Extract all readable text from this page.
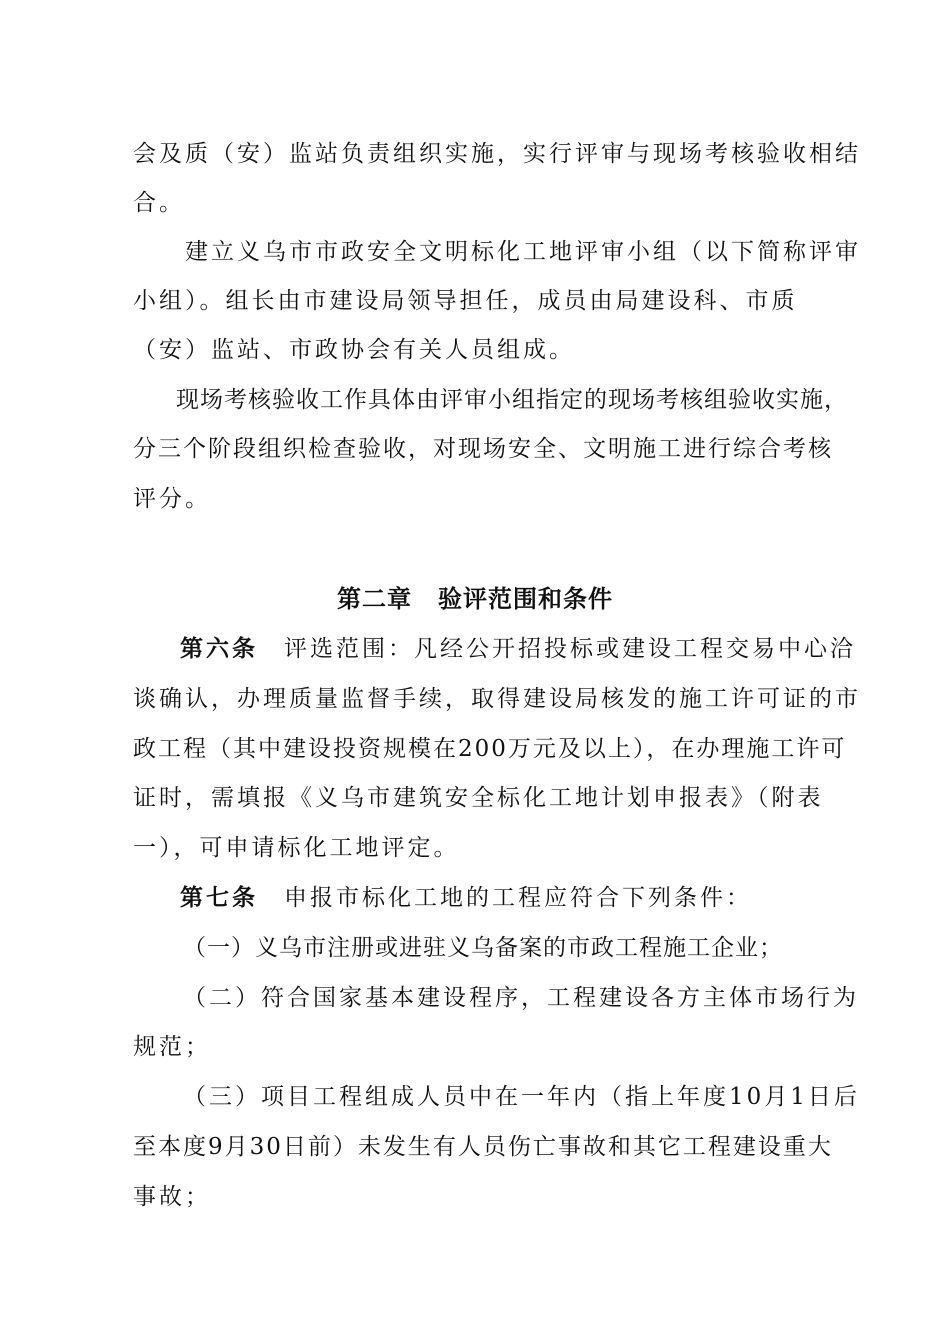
会及质（安）监站负责组织实施，实行评审与现场考核验收相结
合。
建立义乌市市政安全文明标化工地评审小组（以下简称评审
小组）。组长由市建设局领导担任，成员由局建设科、市质
（安）监站、市政协会有关人员组成。
现场考核验收工作具体由评审小组指定的现场考核组验收实施，
分三个阶段组织检查验收，对现场安全、文明施工进行综合考核
评分。
第二章 验评范围和条件
第六条 评选范围：凡经公开招投标或建设工程交易中心洽
谈确认，办理质量监督手续，取得建设局核发的施工许可证的市
政工程（其中建设投资规模在200万元及以上），在办理施工许可
证时，需填报《义乌市建筑安全标化工地计划申报表》（附表
一），可申请标化工地评定。
第七条 申报市标化工地的工程应符合下列条件：
（一）义乌市注册或进驻义乌备案的市政工程施工企业；
（二）符合国家基本建设程序，工程建设各方主体市场行为
规范；
（三）项目工程组成人员中在一年内（指上年度10月1日后
至本度9月30日前）未发生有人员伤亡事故和其它工程建设重大
事故；
